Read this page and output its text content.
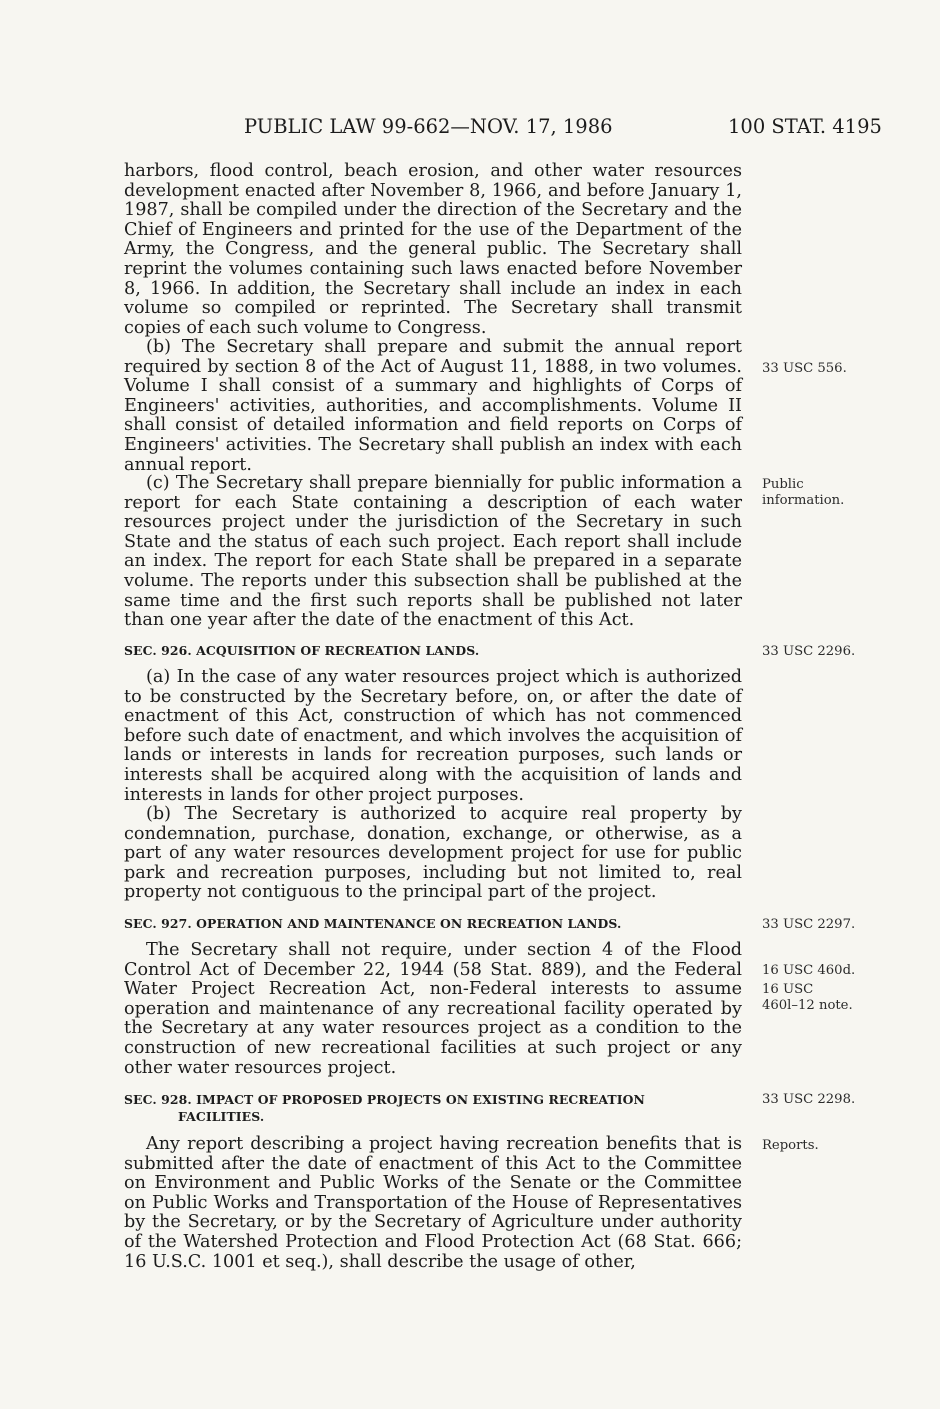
PUBLIC LAW 99-662—NOV. 17, 1986	100 STAT. 4195

harbors, flood control, beach erosion, and other water resources development enacted after November 8, 1966, and before January 1, 1987, shall be compiled under the direction of the Secretary and the Chief of Engineers and printed for the use of the Department of the Army, the Congress, and the general public. The Secretary shall reprint the volumes containing such laws enacted before November 8, 1966. In addition, the Secretary shall include an index in each volume so compiled or reprinted. The Secretary shall transmit copies of each such volume to Congress.

(b) The Secretary shall prepare and submit the annual report required by section 8 of the Act of August 11, 1888, in two volumes. Volume I shall consist of a summary and highlights of Corps of Engineers' activities, authorities, and accomplishments. Volume II shall consist of detailed information and field reports on Corps of Engineers' activities. The Secretary shall publish an index with each annual report.

(c) The Secretary shall prepare biennially for public information a report for each State containing a description of each water resources project under the jurisdiction of the Secretary in such State and the status of each such project. Each report shall include an index. The report for each State shall be prepared in a separate volume. The reports under this subsection shall be published at the same time and the first such reports shall be published not later than one year after the date of the enactment of this Act.

SEC. 926. ACQUISITION OF RECREATION LANDS.

(a) In the case of any water resources project which is authorized to be constructed by the Secretary before, on, or after the date of enactment of this Act, construction of which has not commenced before such date of enactment, and which involves the acquisition of lands or interests in lands for recreation purposes, such lands or interests shall be acquired along with the acquisition of lands and interests in lands for other project purposes.

(b) The Secretary is authorized to acquire real property by condemnation, purchase, donation, exchange, or otherwise, as a part of any water resources development project for use for public park and recreation purposes, including but not limited to, real property not contiguous to the principal part of the project.

SEC. 927. OPERATION AND MAINTENANCE ON RECREATION LANDS.

The Secretary shall not require, under section 4 of the Flood Control Act of December 22, 1944 (58 Stat. 889), and the Federal Water Project Recreation Act, non-Federal interests to assume operation and maintenance of any recreational facility operated by the Secretary at any water resources project as a condition to the construction of new recreational facilities at such project or any other water resources project.

SEC. 928. IMPACT OF PROPOSED PROJECTS ON EXISTING RECREATION
FACILITIES.

Any report describing a project having recreation benefits that is submitted after the date of enactment of this Act to the Committee on Environment and Public Works of the Senate or the Committee on Public Works and Transportation of the House of Representatives by the Secretary, or by the Secretary of Agriculture under authority of the Watershed Protection and Flood Protection Act (68 Stat. 666; 16 U.S.C. 1001 et seq.), shall describe the usage of other,

33 USC 556.

Public
information.

33 USC 2296.

33 USC 2297.

16 USC 460d.

16 USC
460l–12 note.

33 USC 2298.

Reports.
